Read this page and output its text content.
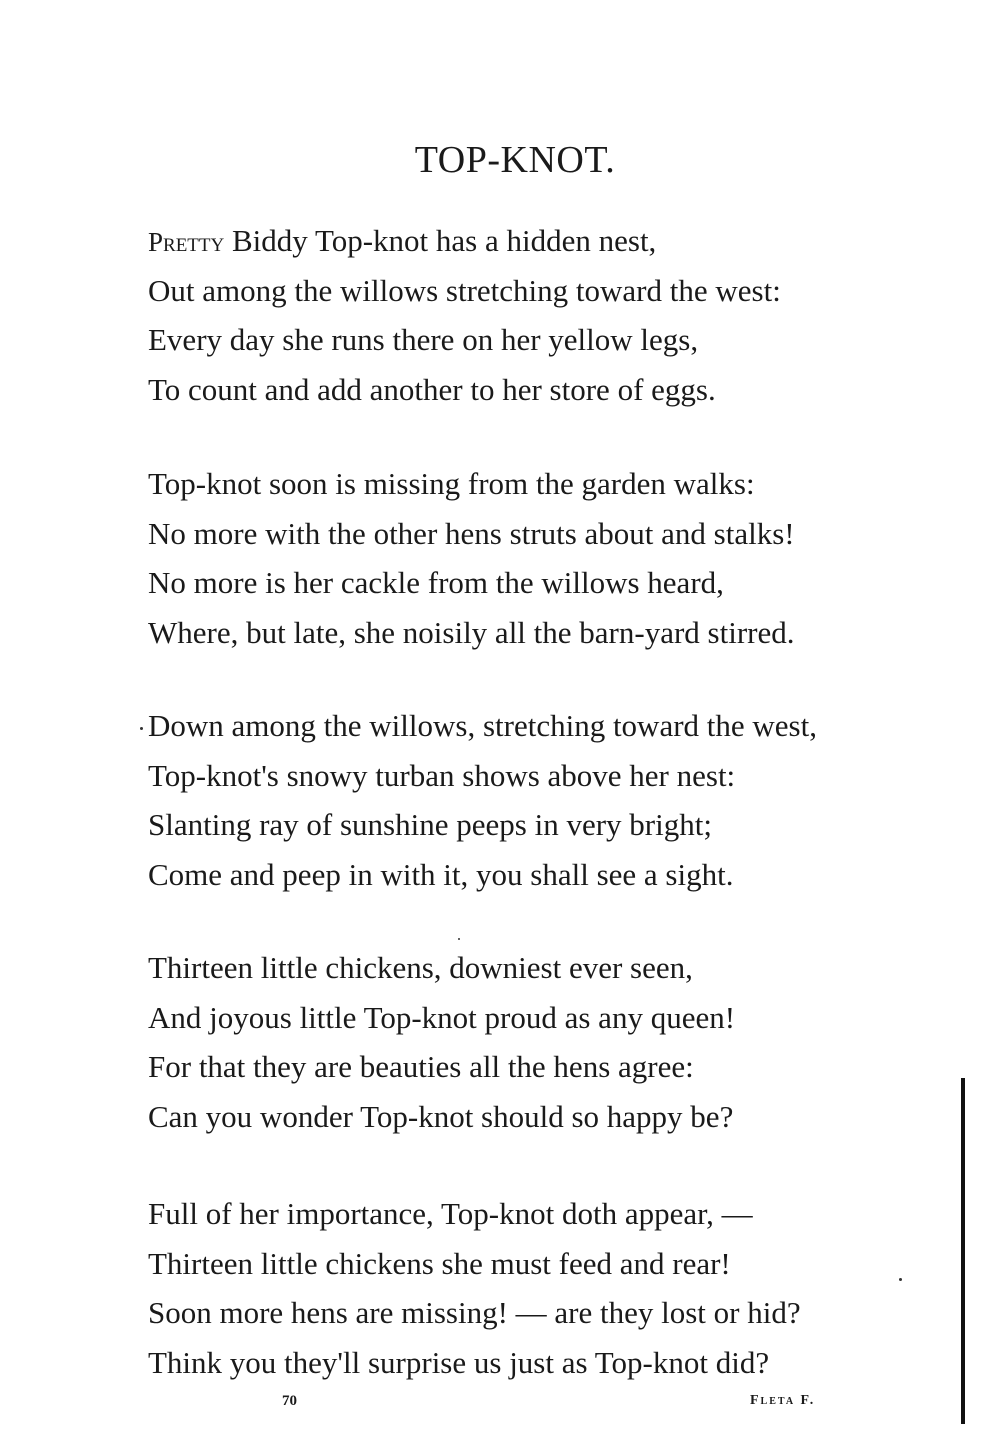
TOP-KNOT.
Pretty Biddy Top-knot has a hidden nest,
Out among the willows stretching toward the west:
Every day she runs there on her yellow legs,
To count and add another to her store of eggs.
Top-knot soon is missing from the garden walks:
No more with the other hens struts about and stalks!
No more is her cackle from the willows heard,
Where, but late, she noisily all the barn-yard stirred.
Down among the willows, stretching toward the west,
Top-knot's snowy turban shows above her nest:
Slanting ray of sunshine peeps in very bright;
Come and peep in with it, you shall see a sight.
Thirteen little chickens, downiest ever seen,
And joyous little Top-knot proud as any queen!
For that they are beauties all the hens agree:
Can you wonder Top-knot should so happy be?
Full of her importance, Top-knot doth appear, —
Thirteen little chickens she must feed and rear!
Soon more hens are missing! — are they lost or hid?
Think you they'll surprise us just as Top-knot did?
70	Fleta F.
